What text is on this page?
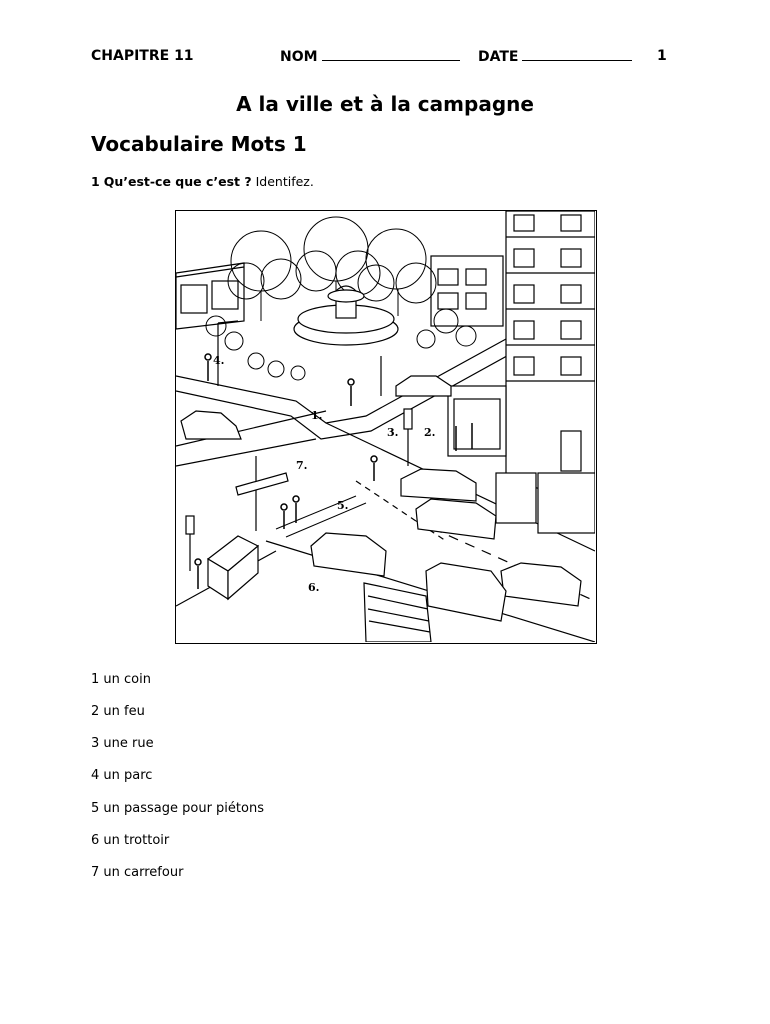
CHAPITRE 11	NOM	DATE	1
A la ville et à la campagne
Vocabulaire Mots 1
1 Qu’est-ce que c’est ? Identifez.
1.
2.
3.
4.
5.
6.
7.
1 un coin
2 un feu
3 une rue
4 un parc
5 un passage pour piétons
6 un trottoir
7 un carrefour
